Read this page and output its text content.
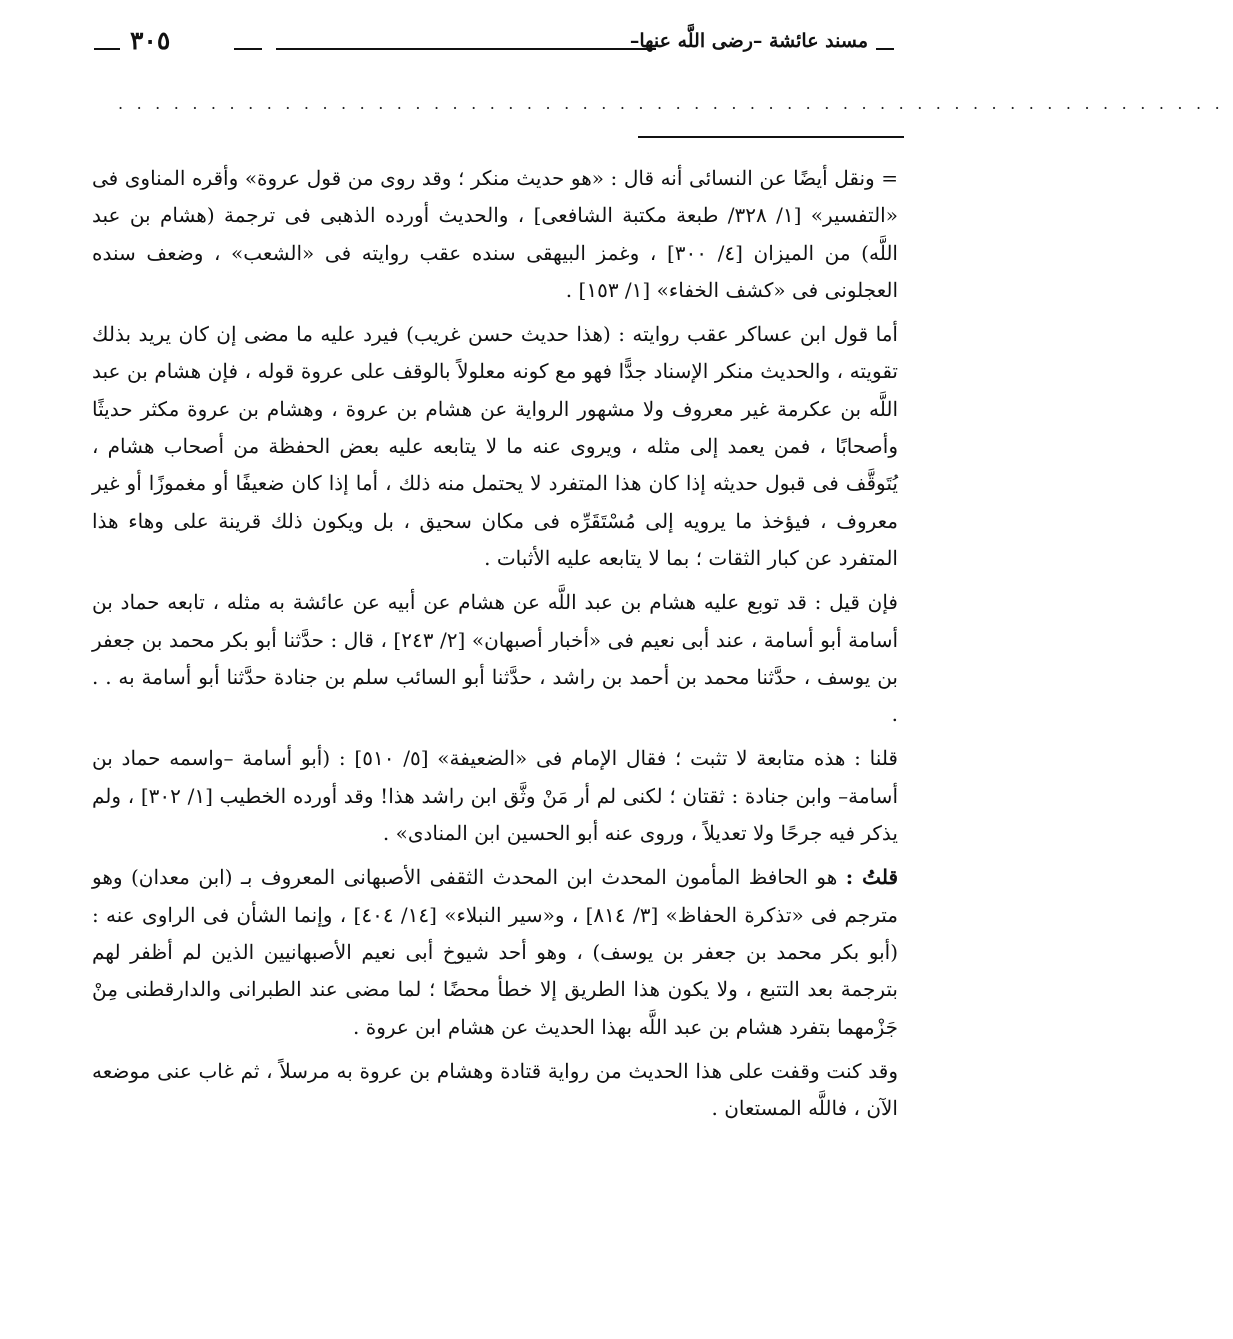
مسند عائشة –رضى اللَّه عنها–
٣٠٥
............................................................

= ونقل أيضًا عن النسائى أنه قال : «هو حديث منكر ؛ وقد روى من قول عروة» وأقره المناوى فى «التفسير» [١/ ٣٢٨/ طبعة مكتبة الشافعى] ، والحديث أورده الذهبى فى ترجمة (هشام بن عبد اللَّه) من الميزان [٤/ ٣٠٠] ، وغمز البيهقى سنده عقب روايته فى «الشعب» ، وضعف سنده العجلونى فى «كشف الخفاء» [١/ ١٥٣] .

أما قول ابن عساكر عقب روايته : (هذا حديث حسن غريب) فيرد عليه ما مضى إن كان يريد بذلك تقويته ، والحديث منكر الإسناد جدًّا فهو مع كونه معلولاً بالوقف على عروة قوله ، فإن هشام بن عبد اللَّه بن عكرمة غير معروف ولا مشهور الرواية عن هشام بن عروة ، وهشام بن عروة مكثر حديثًا وأصحابًا ، فمن يعمد إلى مثله ، ويروى عنه ما لا يتابعه عليه بعض الحفظة من أصحاب هشام ، يُتَوقَّف فى قبول حديثه إذا كان هذا المتفرد لا يحتمل منه ذلك ، أما إذا كان ضعيفًا أو مغموزًا أو غير معروف ، فيؤخذ ما يرويه إلى مُسْتَقَرِّه فى مكان سحيق ، بل ويكون ذلك قرينة على وهاء هذا المتفرد عن كبار الثقات ؛ بما لا يتابعه عليه الأثبات .

فإن قيل : قد توبع عليه هشام بن عبد اللَّه عن هشام عن أبيه عن عائشة به مثله ، تابعه حماد بن أسامة أبو أسامة ، عند أبى نعيم فى «أخبار أصبهان» [٢/ ٢٤٣] ، قال : حدَّثنا أبو بكر محمد بن جعفر بن يوسف ، حدَّثنا محمد بن أحمد بن راشد ، حدَّثنا أبو السائب سلم بن جنادة حدَّثنا أبو أسامة به . . .

قلنا : هذه متابعة لا تثبت ؛ فقال الإمام فى «الضعيفة» [٥/ ٥١٠] : (أبو أسامة –واسمه حماد بن أسامة– وابن جنادة : ثقتان ؛ لكنى لم أر مَنْ وثَّق ابن راشد هذا! وقد أورده الخطيب [١/ ٣٠٢] ، ولم يذكر فيه جرحًا ولا تعديلاً ، وروى عنه أبو الحسين ابن المنادى» .

قلتُ : هو الحافظ المأمون المحدث ابن المحدث الثقفى الأصبهانى المعروف بـ (ابن معدان) وهو مترجم فى «تذكرة الحفاظ» [٣/ ٨١٤] ، و«سير النبلاء» [١٤/ ٤٠٤] ، وإنما الشأن فى الراوى عنه : (أبو بكر محمد بن جعفر بن يوسف) ، وهو أحد شيوخ أبى نعيم الأصبهانيين الذين لم أظفر لهم بترجمة بعد التتبع ، ولا يكون هذا الطريق إلا خطأ محضًا ؛ لما مضى عند الطبرانى والدارقطنى مِنْ جَزْمهما بتفرد هشام بن عبد اللَّه بهذا الحديث عن هشام ابن عروة .

وقد كنت وقفت على هذا الحديث من رواية قتادة وهشام بن عروة به مرسلاً ، ثم غاب عنى موضعه الآن ، فاللَّه المستعان .
